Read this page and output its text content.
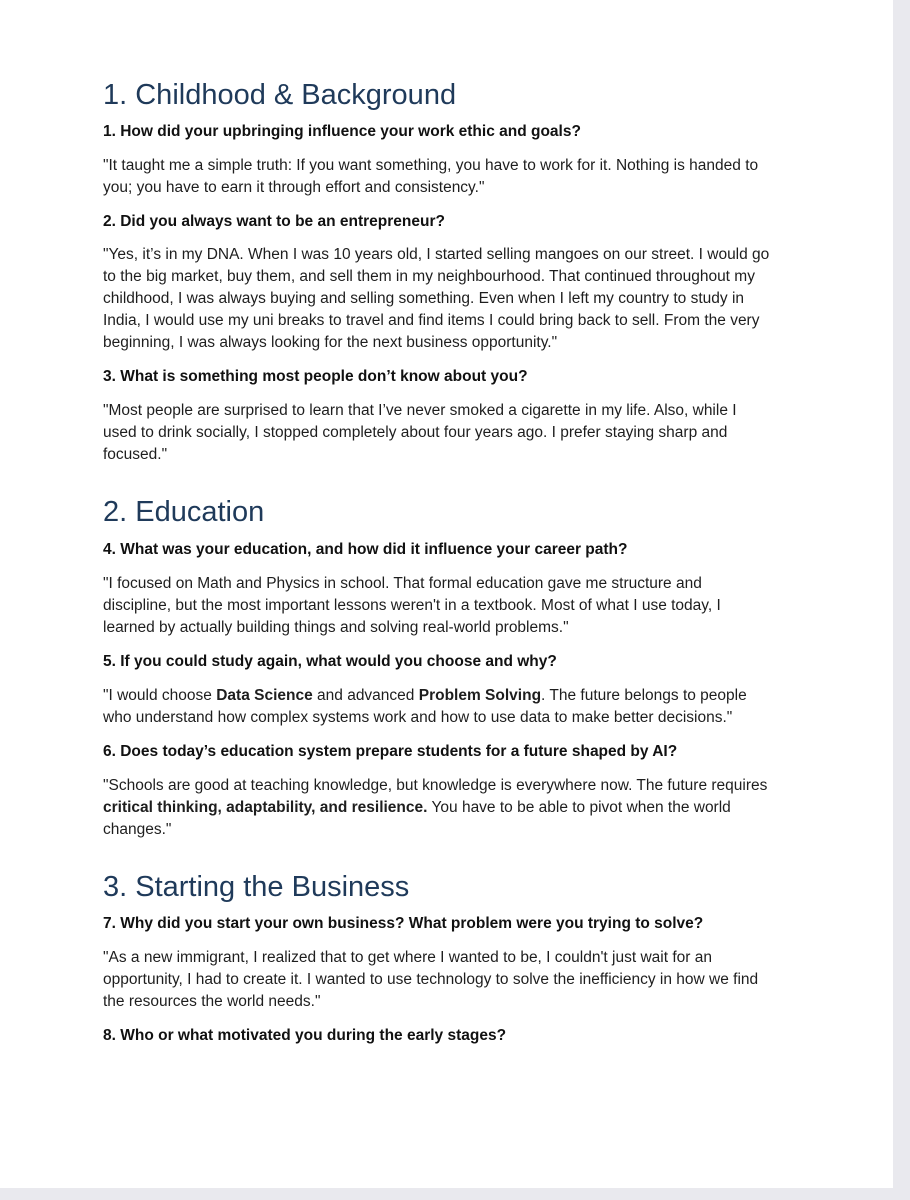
1. Childhood & Background
1. How did your upbringing influence your work ethic and goals?

"It taught me a simple truth: If you want something, you have to work for it. Nothing is handed to
you; you have to earn it through effort and consistency."

2. Did you always want to be an entrepreneur?

"Yes, it’s in my DNA. When I was 10 years old, I started selling mangoes on our street. I would go
to the big market, buy them, and sell them in my neighbourhood. That continued throughout my
childhood, I was always buying and selling something. Even when I left my country to study in
India, I would use my uni breaks to travel and find items I could bring back to sell. From the very
beginning, I was always looking for the next business opportunity."

3. What is something most people don’t know about you?

"Most people are surprised to learn that I’ve never smoked a cigarette in my life. Also, while I
used to drink socially, I stopped completely about four years ago. I prefer staying sharp and
focused."

2. Education
4. What was your education, and how did it influence your career path?

"I focused on Math and Physics in school. That formal education gave me structure and
discipline, but the most important lessons weren't in a textbook. Most of what I use today, I
learned by actually building things and solving real-world problems."

5. If you could study again, what would you choose and why?

"I would choose Data Science and advanced Problem Solving. The future belongs to people
who understand how complex systems work and how to use data to make better decisions."

6. Does today’s education system prepare students for a future shaped by AI?

"Schools are good at teaching knowledge, but knowledge is everywhere now. The future requires
critical thinking, adaptability, and resilience. You have to be able to pivot when the world
changes."

3. Starting the Business
7. Why did you start your own business? What problem were you trying to solve?

"As a new immigrant, I realized that to get where I wanted to be, I couldn't just wait for an
opportunity, I had to create it. I wanted to use technology to solve the inefficiency in how we find
the resources the world needs."

8. Who or what motivated you during the early stages?
